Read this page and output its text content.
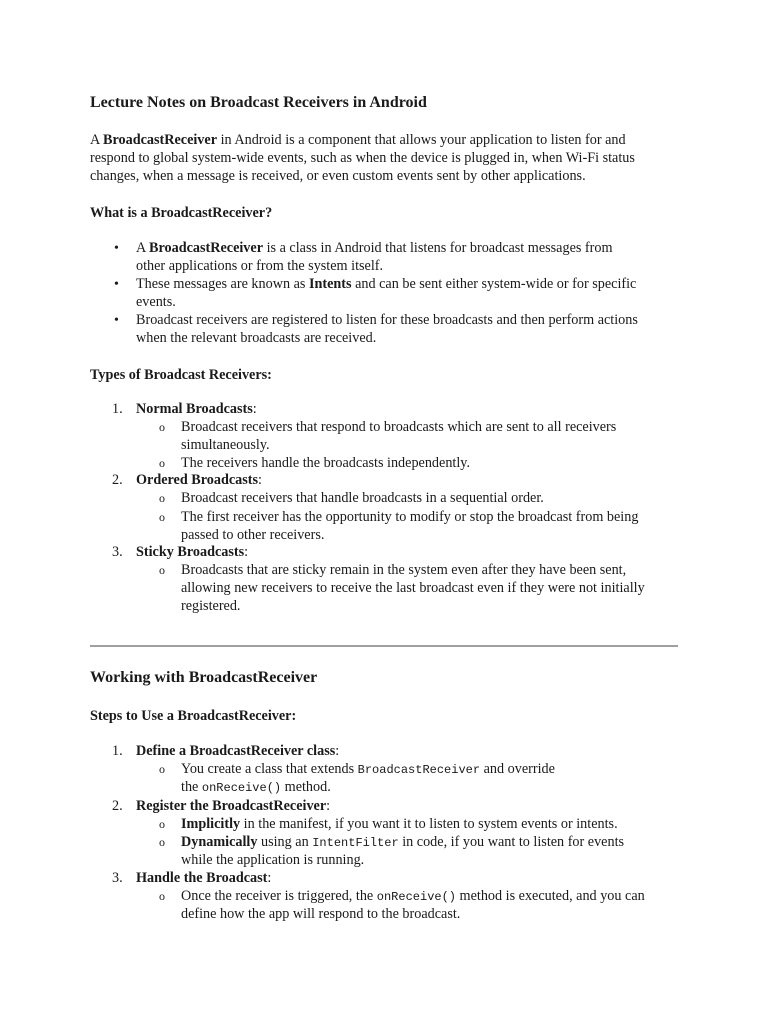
Lecture Notes on Broadcast Receivers in Android
A BroadcastReceiver in Android is a component that allows your application to listen for and
respond to global system-wide events, such as when the device is plugged in, when Wi-Fi status
changes, when a message is received, or even custom events sent by other applications.
What is a BroadcastReceiver?
• A BroadcastReceiver is a class in Android that listens for broadcast messages from
other applications or from the system itself.
• These messages are known as Intents and can be sent either system-wide or for specific
events.
• Broadcast receivers are registered to listen for these broadcasts and then perform actions
when the relevant broadcasts are received.
Types of Broadcast Receivers:
1. Normal Broadcasts:
o Broadcast receivers that respond to broadcasts which are sent to all receivers
simultaneously.
o The receivers handle the broadcasts independently.
2. Ordered Broadcasts:
o Broadcast receivers that handle broadcasts in a sequential order.
o The first receiver has the opportunity to modify or stop the broadcast from being
passed to other receivers.
3. Sticky Broadcasts:
o Broadcasts that are sticky remain in the system even after they have been sent,
allowing new receivers to receive the last broadcast even if they were not initially
registered.
Working with BroadcastReceiver
Steps to Use a BroadcastReceiver:
1. Define a BroadcastReceiver class:
o You create a class that extends BroadcastReceiver and override
the onReceive() method.
2. Register the BroadcastReceiver:
o Implicitly in the manifest, if you want it to listen to system events or intents.
o Dynamically using an IntentFilter in code, if you want to listen for events
while the application is running.
3. Handle the Broadcast:
o Once the receiver is triggered, the onReceive() method is executed, and you can
define how the app will respond to the broadcast.
